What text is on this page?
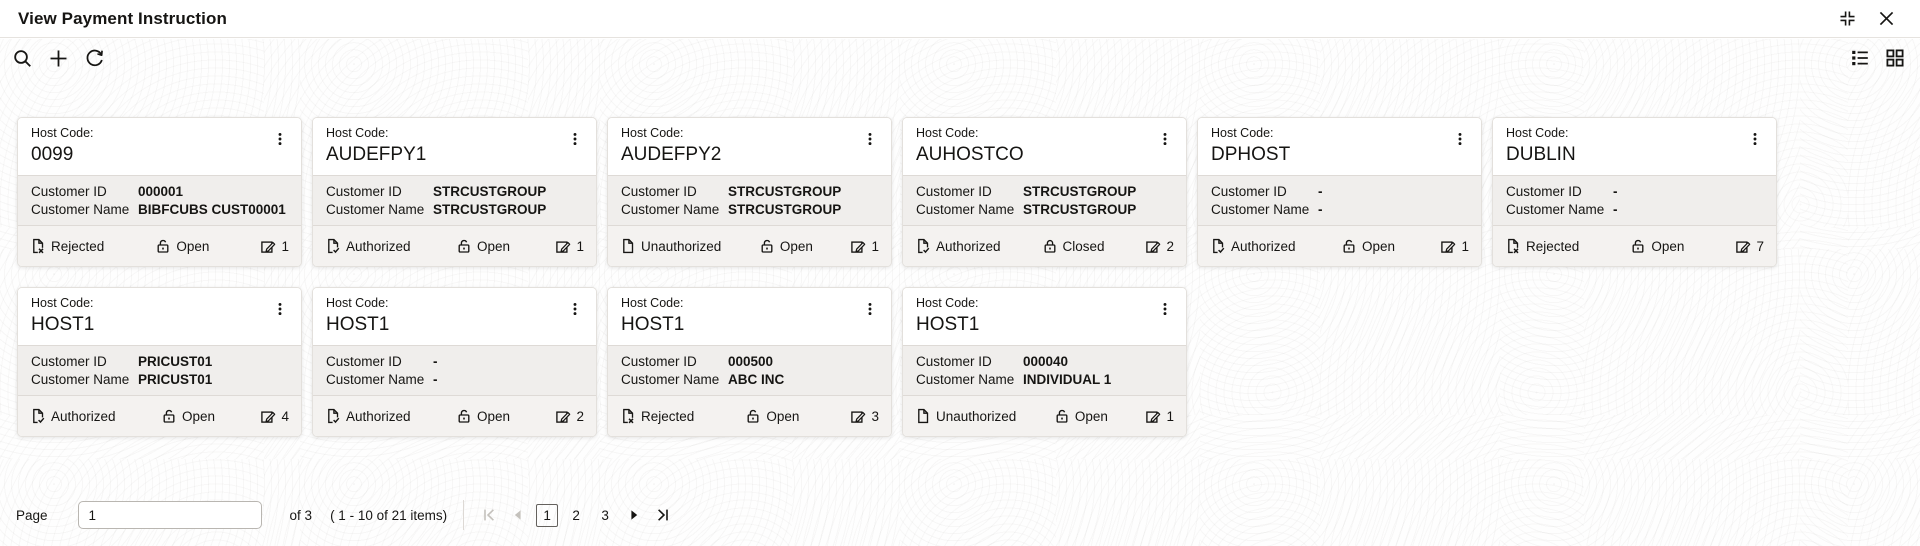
View Payment Instruction
Host Code:
0099
Customer ID	000001
Customer Name BIBFCUBS CUST00001
Rejected	Open	1
Host Code:
AUDEFPY1
Customer ID	STRCUSTGROUP
Customer Name STRCUSTGROUP
Authorized	Open	1
Host Code:
AUDEFPY2
Customer ID	STRCUSTGROUP
Customer Name STRCUSTGROUP
Unauthorized	Open	1
Host Code:
AUHOSTCO
Customer ID	STRCUSTGROUP
Customer Name STRCUSTGROUP
Authorized	Closed	2
Host Code:
DPHOST
Customer ID	-
Customer Name -
Authorized	Open	1
Host Code:
DUBLIN
Customer ID	-
Customer Name -
Rejected	Open	7
Host Code:
HOST1
Customer ID	PRICUST01
Customer Name PRICUST01
Authorized	Open	4
Host Code:
HOST1
Customer ID	-
Customer Name -
Authorized	Open	2
Host Code:
HOST1
Customer ID	000500
Customer Name ABC INC
Rejected	Open	3
Host Code:
HOST1
Customer ID	000040
Customer Name INDIVIDUAL 1
Unauthorized	Open	1
Page
1	of 3 ( 1 - 10 of 21 items)	1	2	3
